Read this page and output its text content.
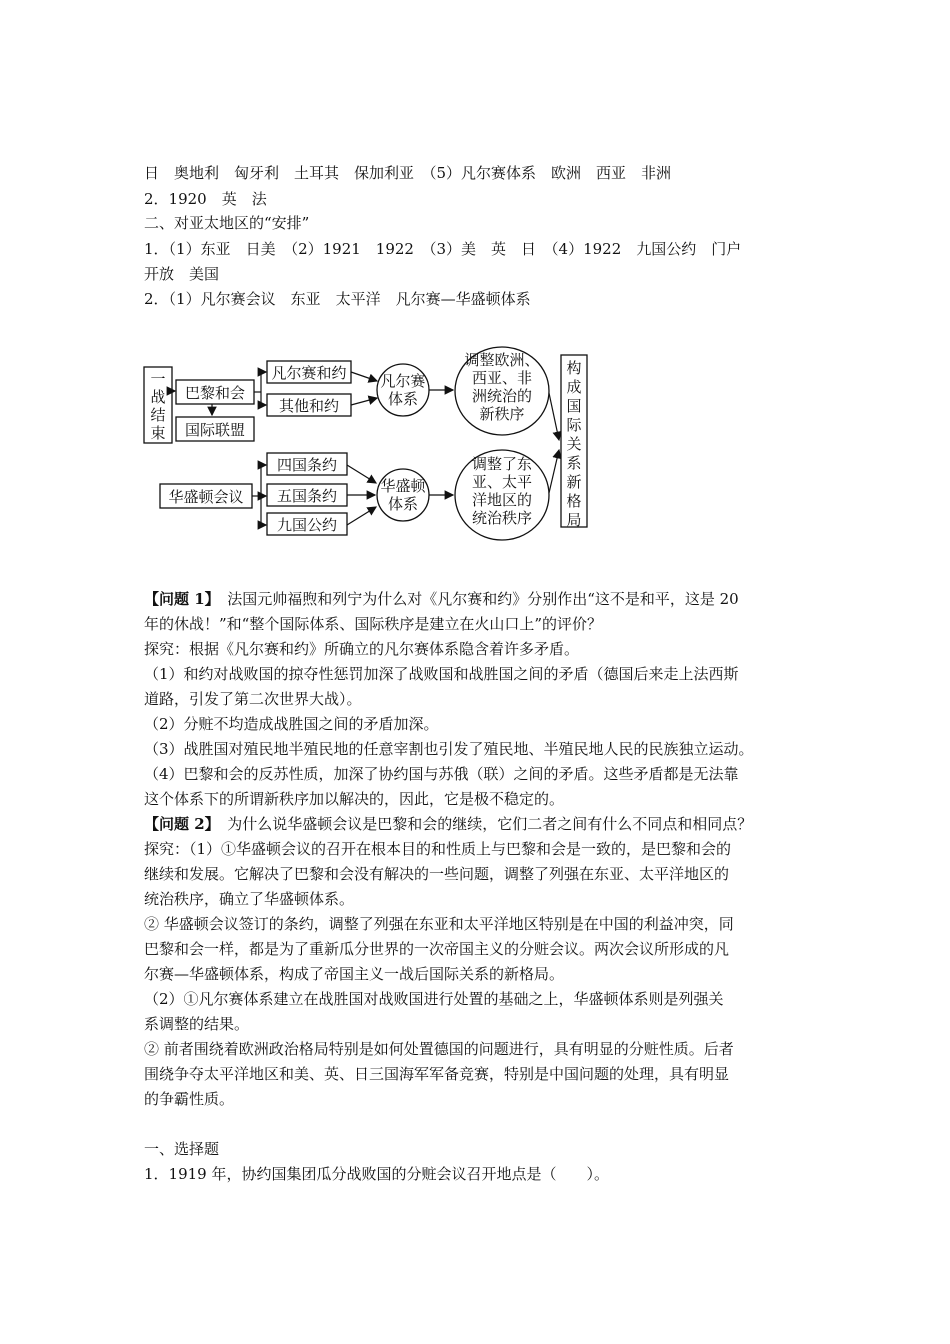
日　奥地利　匈牙利　土耳其　保加利亚　（5）凡尔赛体系　欧洲　西亚　非洲
2．1920　英　法
二、对亚太地区的“安排”
1．（1）东亚　日美　（2）1921　1922　（3）美　英　日　（4）1922　九国公约　门户
开放　美国
2．（1）凡尔赛会议　东亚　太平洋　凡尔赛—华盛顿体系
一
战
结
束
巴黎和会
国际联盟
凡尔赛和约
其他和约
凡尔赛
体系
调整欧洲、
西亚、非
洲统治的
新秩序
华盛顿会议
四国条约
五国条约
九国公约
华盛顿
体系
调整了东
亚、太平
洋地区的
统治秩序
构
成
国
际
关
系
新
格
局
【问题 1】　 法国元帅福煦和列宁为什么对《凡尔赛和约》分别作出“这不是和平，这是 20
年的休战！”和“整个国际体系、国际秩序是建立在火山口上”的评价？
探究：根据《凡尔赛和约》所确立的凡尔赛体系隐含着许多矛盾。
（1）和约对战败国的掠夺性惩罚加深了战败国和战胜国之间的矛盾（德国后来走上法西斯
道路，引发了第二次世界大战）。
（2）分赃不均造成战胜国之间的矛盾加深。
（3）战胜国对殖民地半殖民地的任意宰割也引发了殖民地、半殖民地人民的民族独立运动。
（4）巴黎和会的反苏性质，加深了协约国与苏俄（联）之间的矛盾。这些矛盾都是无法靠
这个体系下的所谓新秩序加以解决的，因此，它是极不稳定的。
【问题 2】　 为什么说华盛顿会议是巴黎和会的继续，它们二者之间有什么不同点和相同点？
探究：（1）①华盛顿会议的召开在根本目的和性质上与巴黎和会是一致的，是巴黎和会的
继续和发展。它解决了巴黎和会没有解决的一些问题，调整了列强在东亚、太平洋地区的
统治秩序，确立了华盛顿体系。
② 华盛顿会议签订的条约，调整了列强在东亚和太平洋地区特别是在中国的利益冲突，同
巴黎和会一样，都是为了重新瓜分世界的一次帝国主义的分赃会议。两次会议所形成的凡
尔赛—华盛顿体系，构成了帝国主义一战后国际关系的新格局。
（2）①凡尔赛体系建立在战胜国对战败国进行处置的基础之上，华盛顿体系则是列强关
系调整的结果。
② 前者围绕着欧洲政治格局特别是如何处置德国的问题进行，具有明显的分赃性质。后者
围绕争夺太平洋地区和美、英、日三国海军军备竞赛，特别是中国问题的处理，具有明显
的争霸性质。
一、选择题
1．1919 年，协约国集团瓜分战败国的分赃会议召开地点是（　　）。
